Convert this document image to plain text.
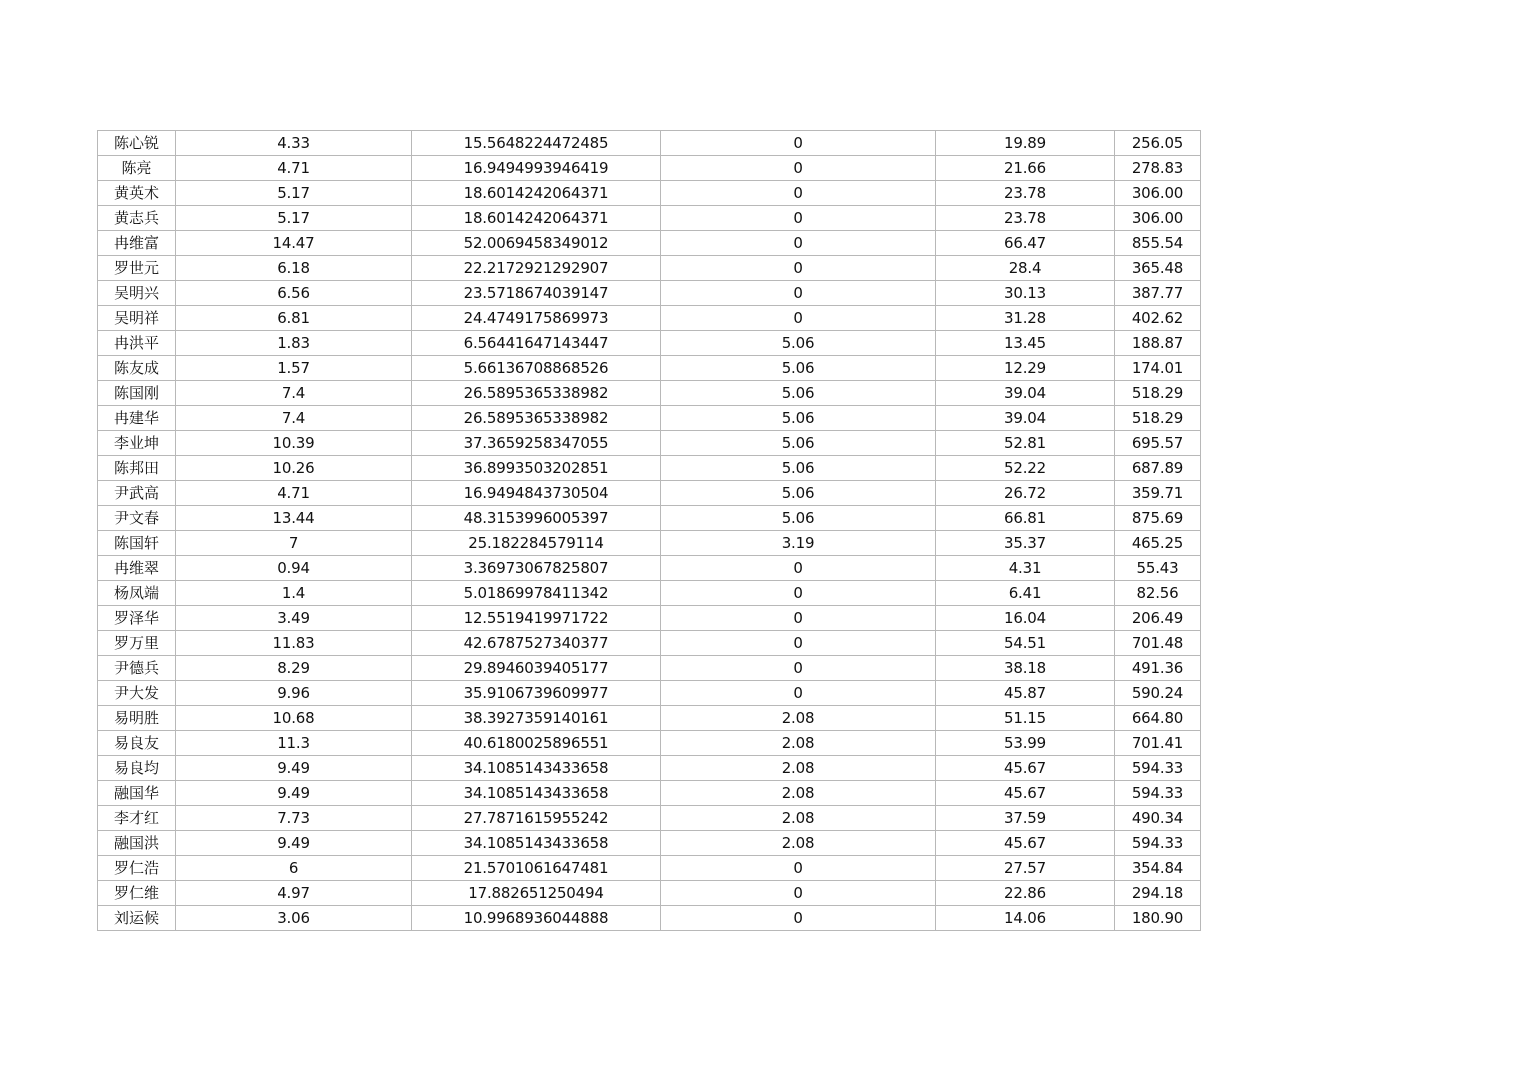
陈心锐	4.33	15.5648224472485	0	19.89	256.05
陈亮	4.71	16.9494993946419	0	21.66	278.83
黄英术	5.17	18.6014242064371	0	23.78	306.00
黄志兵	5.17	18.6014242064371	0	23.78	306.00
冉维富	14.47	52.0069458349012	0	66.47	855.54
罗世元	6.18	22.2172921292907	0	28.4	365.48
吴明兴	6.56	23.5718674039147	0	30.13	387.77
吴明祥	6.81	24.4749175869973	0	31.28	402.62
冉洪平	1.83	6.56441647143447	5.06	13.45	188.87
陈友成	1.57	5.66136708868526	5.06	12.29	174.01
陈国刚	7.4	26.5895365338982	5.06	39.04	518.29
冉建华	7.4	26.5895365338982	5.06	39.04	518.29
李业坤	10.39	37.3659258347055	5.06	52.81	695.57
陈邦田	10.26	36.8993503202851	5.06	52.22	687.89
尹武高	4.71	16.9494843730504	5.06	26.72	359.71
尹文春	13.44	48.3153996005397	5.06	66.81	875.69
陈国轩	7	25.182284579114	3.19	35.37	465.25
冉维翠	0.94	3.36973067825807	0	4.31	55.43
杨凤端	1.4	5.01869978411342	0	6.41	82.56
罗泽华	3.49	12.5519419971722	0	16.04	206.49
罗万里	11.83	42.6787527340377	0	54.51	701.48
尹德兵	8.29	29.8946039405177	0	38.18	491.36
尹大发	9.96	35.9106739609977	0	45.87	590.24
易明胜	10.68	38.3927359140161	2.08	51.15	664.80
易良友	11.3	40.6180025896551	2.08	53.99	701.41
易良均	9.49	34.1085143433658	2.08	45.67	594.33
融国华	9.49	34.1085143433658	2.08	45.67	594.33
李才红	7.73	27.7871615955242	2.08	37.59	490.34
融国洪	9.49	34.1085143433658	2.08	45.67	594.33
罗仁浩	6	21.5701061647481	0	27.57	354.84
罗仁维	4.97	17.882651250494	0	22.86	294.18
刘运候	3.06	10.9968936044888	0	14.06	180.90
